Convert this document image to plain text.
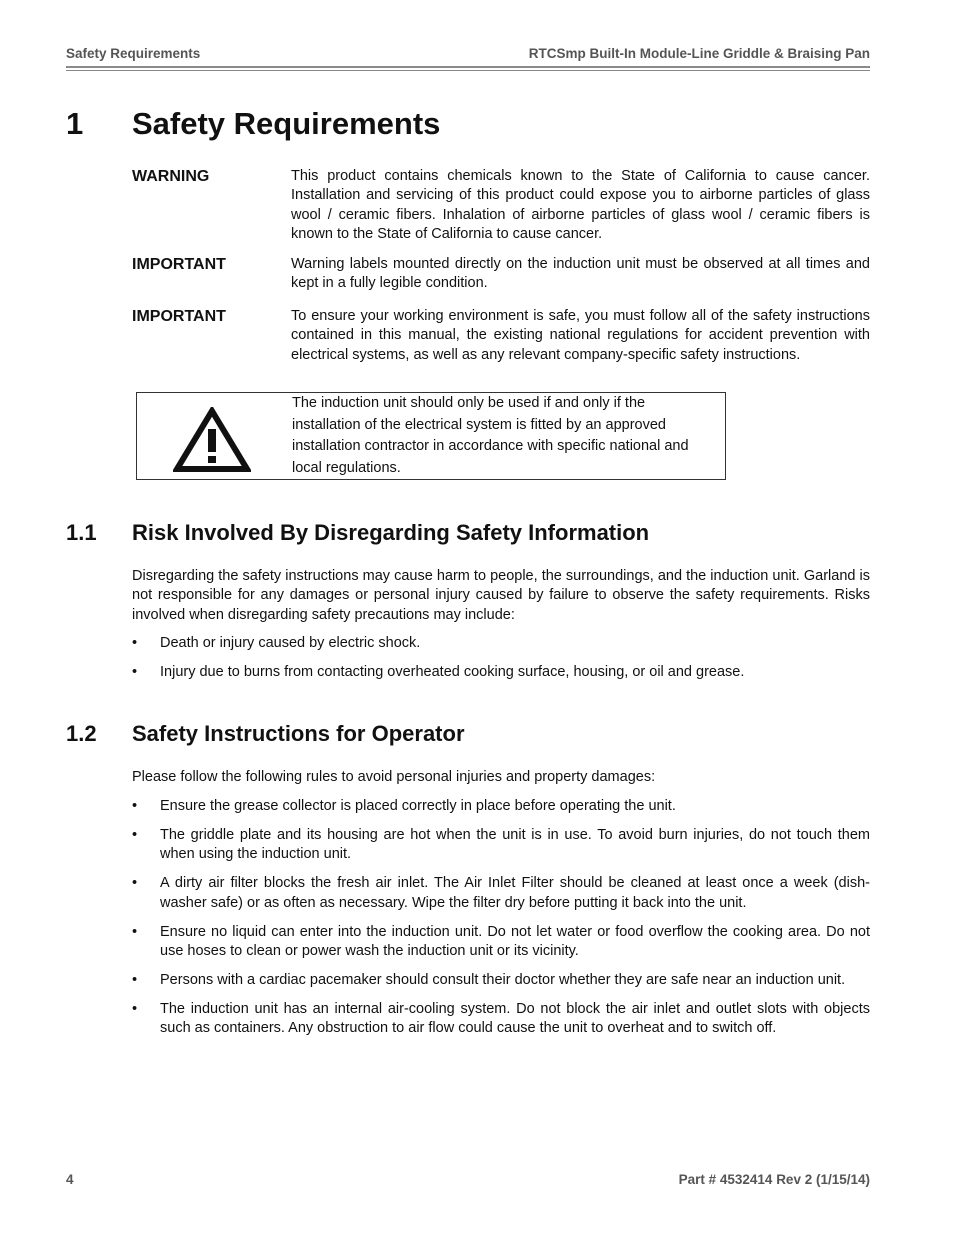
Safety Requirements	RTCSmp Built-In Module-Line Griddle & Braising Pan
1 Safety Requirements
WARNING	This product contains chemicals known to the State of California to cause cancer. Installation and servicing of this product could expose you to airborne particles of glass wool / ceramic fibers. Inhalation of airborne particles of glass wool / ceramic fibers is known to the State of California to cause cancer.
IMPORTANT	Warning labels mounted directly on the induction unit must be observed at all times and kept in a fully legible condition.
IMPORTANT	To ensure your working environment is safe, you must follow all of the safety instructions contained in this manual, the existing national regulations for accident prevention with electrical systems, as well as any relevant company-specific safety instructions.
The induction unit should only be used if and only if the
installation of the electrical system is fitted by an approved
installation contractor in accordance with specific national and
local regulations.
1.1 Risk Involved By Disregarding Safety Information
Disregarding the safety instructions may cause harm to people, the surroundings, and the induction unit. Garland is not responsible for any damages or personal injury caused by failure to observe the safety requirements. Risks involved when disregarding safety precautions may include:
• Death or injury caused by electric shock.
• Injury due to burns from contacting overheated cooking surface, housing, or oil and grease.
1.2 Safety Instructions for Operator
Please follow the following rules to avoid personal injuries and property damages:
• Ensure the grease collector is placed correctly in place before operating the unit.
• The griddle plate and its housing are hot when the unit is in use. To avoid burn injuries, do not touch them when using the induction unit.
• A dirty air filter blocks the fresh air inlet. The Air Inlet Filter should be cleaned at least once a week (dish-washer safe) or as often as necessary. Wipe the filter dry before putting it back into the unit.
• Ensure no liquid can enter into the induction unit. Do not let water or food overflow the cooking area. Do not use hoses to clean or power wash the induction unit or its vicinity.
• Persons with a cardiac pacemaker should consult their doctor whether they are safe near an induction unit.
• The induction unit has an internal air-cooling system. Do not block the air inlet and outlet slots with objects such as containers. Any obstruction to air flow could cause the unit to overheat and to switch off.
4	Part # 4532414 Rev 2 (1/15/14)
